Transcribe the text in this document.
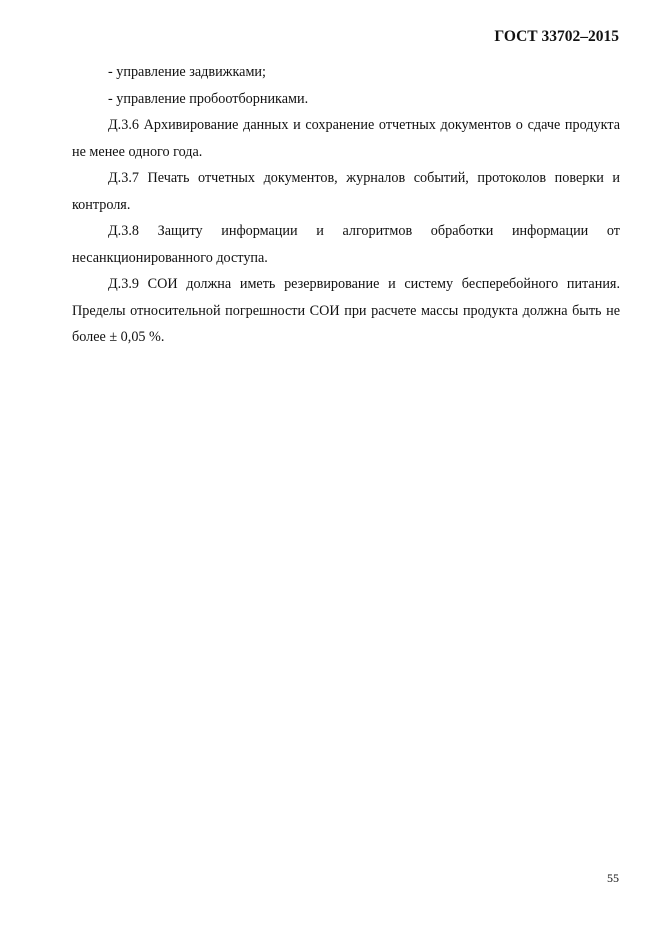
ГОСТ 33702–2015

- управление задвижками;

- управление пробоотборниками.

Д.3.6 Архивирование данных и сохранение отчетных документов о сдаче продукта не менее одного года.

Д.3.7 Печать отчетных документов, журналов событий, протоколов поверки и контроля.

Д.3.8 Защиту информации и алгоритмов обработки информации от несанкционированного доступа.

Д.3.9 СОИ должна иметь резервирование и систему бесперебойного питания. Пределы относительной погрешности СОИ при расчете массы продукта должна быть не более ± 0,05 %.

55
